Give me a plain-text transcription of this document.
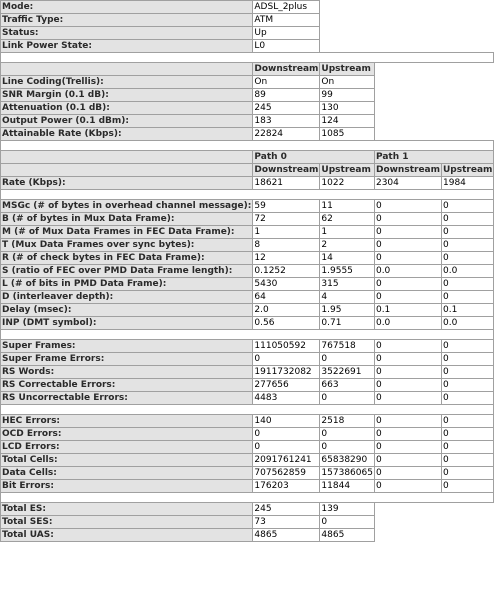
Mode:	ADSL_2plus			
Traffic Type:	ATM			
Status:	Up			
Link Power State:	L0			

	Downstream	Upstream		
Line Coding(Trellis):	On	On		
SNR Margin (0.1 dB):	89	99		
Attenuation (0.1 dB):	245	130		
Output Power (0.1 dBm):	183	124		
Attainable Rate (Kbps):	22824	1085		

	Path 0		Path 1	
	Downstream	Upstream	Downstream	Upstream
Rate (Kbps):	18621	1022	2304	1984

MSGc (# of bytes in overhead channel message):	59	11	0	0
B (# of bytes in Mux Data Frame):	72	62	0	0
M (# of Mux Data Frames in FEC Data Frame):	1	1	0	0
T (Mux Data Frames over sync bytes):	8	2	0	0
R (# of check bytes in FEC Data Frame):	12	14	0	0
S (ratio of FEC over PMD Data Frame length):	0.1252	1.9555	0.0	0.0
L (# of bits in PMD Data Frame):	5430	315	0	0
D (interleaver depth):	64	4	0	0
Delay (msec):	2.0	1.95	0.1	0.1
INP (DMT symbol):	0.56	0.71	0.0	0.0

Super Frames:	111050592	767518	0	0
Super Frame Errors:	0	0	0	0
RS Words:	1911732082	3522691	0	0
RS Correctable Errors:	277656	663	0	0
RS Uncorrectable Errors:	4483	0	0	0

HEC Errors:	140	2518	0	0
OCD Errors:	0	0	0	0
LCD Errors:	0	0	0	0
Total Cells:	2091761241	65838290	0	0
Data Cells:	707562859	157386065	0	0
Bit Errors:	176203	11844	0	0

Total ES:	245	139		
Total SES:	73	0		
Total UAS:	4865	4865		
